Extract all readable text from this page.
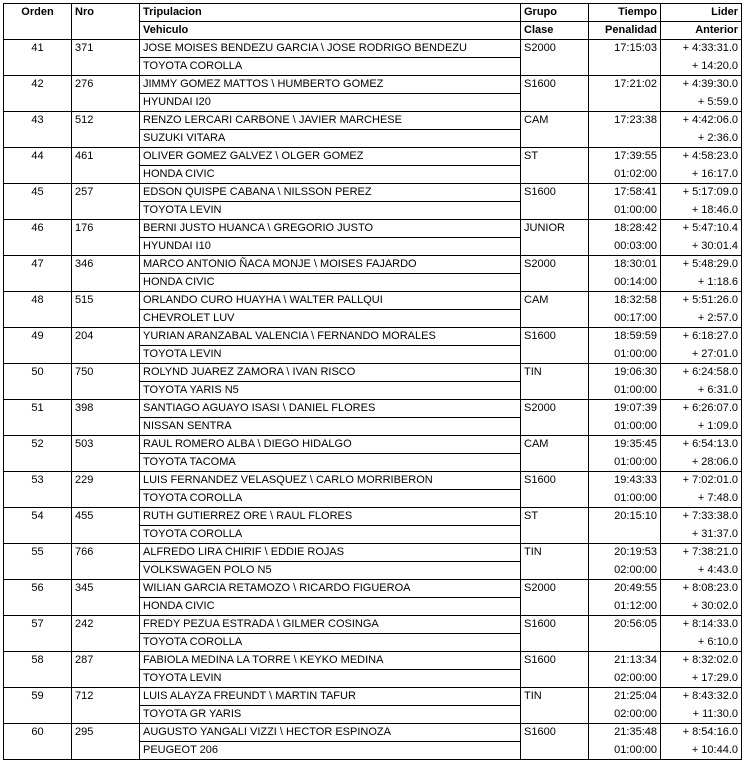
Orden	Nro	Tripulacion	Grupo	Tiempo	Lider
		Vehiculo	Clase	Penalidad	Anterior
41	371	JOSE MOISES BENDEZU GARCIA \ JOSE RODRIGO BENDEZU	S2000	17:15:03	+ 4:33:31.0
		TOYOTA COROLLA			+ 14:20.0
42	276	JIMMY GOMEZ MATTOS \ HUMBERTO GOMEZ	S1600	17:21:02	+ 4:39:30.0
		HYUNDAI I20			+ 5:59.0
43	512	RENZO LERCARI CARBONE \ JAVIER MARCHESE	CAM	17:23:38	+ 4:42:06.0
		SUZUKI VITARA			+ 2:36.0
44	461	OLIVER GOMEZ GALVEZ \ OLGER GOMEZ	ST	17:39:55	+ 4:58:23.0
		HONDA CIVIC		01:02:00	+ 16:17.0
45	257	EDSON QUISPE CABANA \ NILSSON PEREZ	S1600	17:58:41	+ 5:17:09.0
		TOYOTA LEVIN		01:00:00	+ 18:46.0
46	176	BERNI JUSTO HUANCA \ GREGORIO JUSTO	JUNIOR	18:28:42	+ 5:47:10.4
		HYUNDAI I10		00:03:00	+ 30:01.4
47	346	MARCO ANTONIO ÑACA MONJE \ MOISES FAJARDO	S2000	18:30:01	+ 5:48:29.0
		HONDA CIVIC		00:14:00	+ 1:18.6
48	515	ORLANDO CURO HUAYHA \ WALTER PALLQUI	CAM	18:32:58	+ 5:51:26.0
		CHEVROLET LUV		00:17:00	+ 2:57.0
49	204	YURIAN ARANZABAL VALENCIA \ FERNANDO MORALES	S1600	18:59:59	+ 6:18:27.0
		TOYOTA LEVIN		01:00:00	+ 27:01.0
50	750	ROLYND JUAREZ ZAMORA \ IVAN RISCO	TIN	19:06:30	+ 6:24:58.0
		TOYOTA YARIS N5		01:00:00	+ 6:31.0
51	398	SANTIAGO AGUAYO ISASI \ DANIEL FLORES	S2000	19:07:39	+ 6:26:07.0
		NISSAN SENTRA		01:00:00	+ 1:09.0
52	503	RAUL ROMERO ALBA \ DIEGO HIDALGO	CAM	19:35:45	+ 6:54:13.0
		TOYOTA TACOMA		01:00:00	+ 28:06.0
53	229	LUIS FERNANDEZ VELASQUEZ \ CARLO MORRIBERON	S1600	19:43:33	+ 7:02:01.0
		TOYOTA COROLLA		01:00:00	+ 7:48.0
54	455	RUTH GUTIERREZ ORE \ RAUL FLORES	ST	20:15:10	+ 7:33:38.0
		TOYOTA COROLLA			+ 31:37.0
55	766	ALFREDO LIRA CHIRIF \ EDDIE ROJAS	TIN	20:19:53	+ 7:38:21.0
		VOLKSWAGEN POLO N5		02:00:00	+ 4:43.0
56	345	WILIAN GARCIA RETAMOZO \ RICARDO FIGUEROA	S2000	20:49:55	+ 8:08:23.0
		HONDA CIVIC		01:12:00	+ 30:02.0
57	242	FREDY PEZUA ESTRADA \ GILMER COSINGA	S1600	20:56:05	+ 8:14:33.0
		TOYOTA COROLLA			+ 6:10.0
58	287	FABIOLA MEDINA LA TORRE \ KEYKO MEDINA	S1600	21:13:34	+ 8:32:02.0
		TOYOTA LEVIN		02:00:00	+ 17:29.0
59	712	LUIS ALAYZA FREUNDT \ MARTIN TAFUR	TIN	21:25:04	+ 8:43:32.0
		TOYOTA GR YARIS		02:00:00	+ 11:30.0
60	295	AUGUSTO YANGALI VIZZI \ HECTOR ESPINOZA	S1600	21:35:48	+ 8:54:16.0
		PEUGEOT 206		01:00:00	+ 10:44.0
